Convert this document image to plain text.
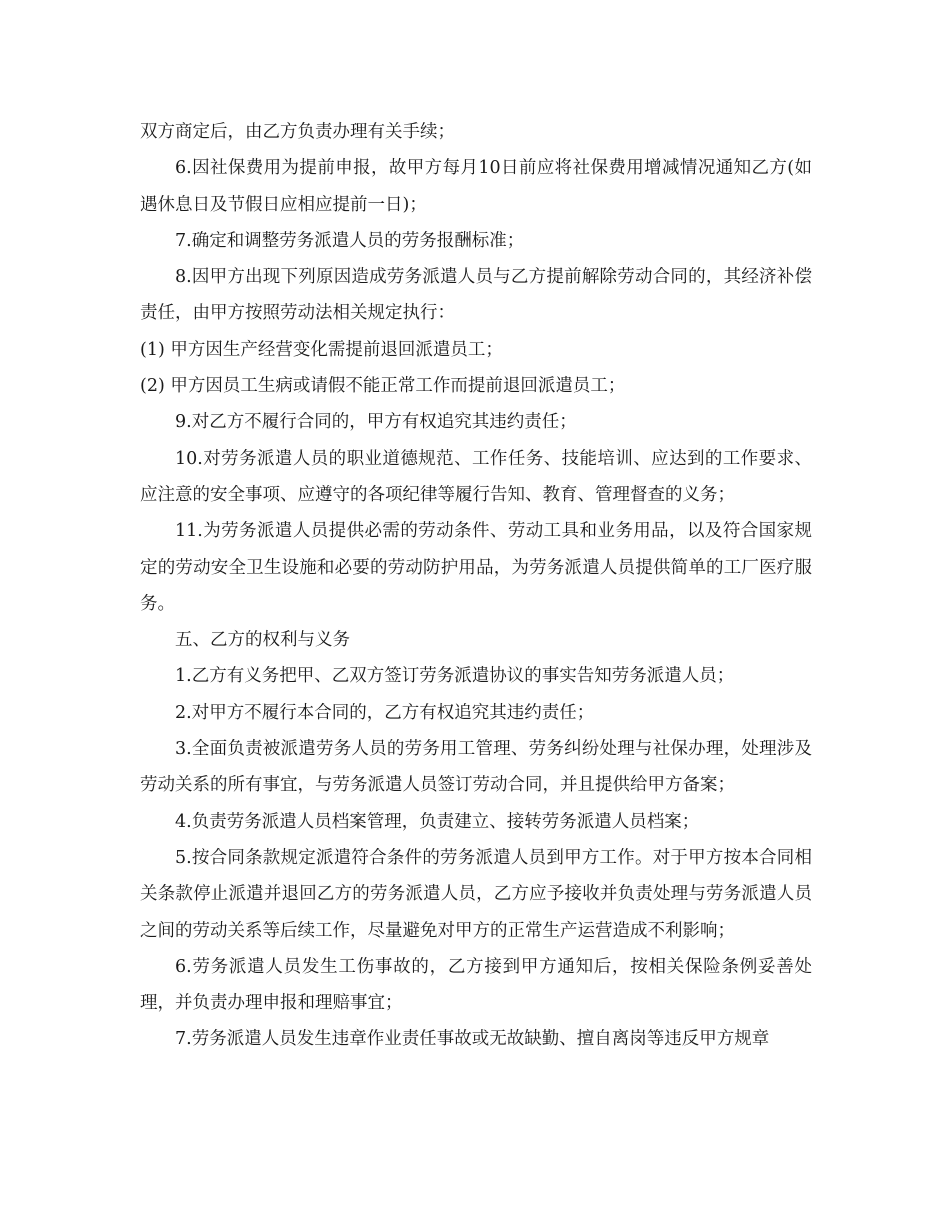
双方商定后，由乙方负责办理有关手续；

6.因社保费用为提前申报，故甲方每月10日前应将社保费用增减情况通知乙方(如遇休息日及节假日应相应提前一日)；

7.确定和调整劳务派遣人员的劳务报酬标准；

8.因甲方出现下列原因造成劳务派遣人员与乙方提前解除劳动合同的，其经济补偿责任，由甲方按照劳动法相关规定执行：

(1) 甲方因生产经营变化需提前退回派遣员工；

(2) 甲方因员工生病或请假不能正常工作而提前退回派遣员工；

9.对乙方不履行合同的，甲方有权追究其违约责任；

10.对劳务派遣人员的职业道德规范、工作任务、技能培训、应达到的工作要求、应注意的安全事项、应遵守的各项纪律等履行告知、教育、管理督查的义务；

11.为劳务派遣人员提供必需的劳动条件、劳动工具和业务用品，以及符合国家规定的劳动安全卫生设施和必要的劳动防护用品，为劳务派遣人员提供简单的工厂医疗服务。

五、乙方的权利与义务

1.乙方有义务把甲、乙双方签订劳务派遣协议的事实告知劳务派遣人员；

2.对甲方不履行本合同的，乙方有权追究其违约责任；

3.全面负责被派遣劳务人员的劳务用工管理、劳务纠纷处理与社保办理，处理涉及劳动关系的所有事宜，与劳务派遣人员签订劳动合同，并且提供给甲方备案；

4.负责劳务派遣人员档案管理，负责建立、接转劳务派遣人员档案；

5.按合同条款规定派遣符合条件的劳务派遣人员到甲方工作。对于甲方按本合同相关条款停止派遣并退回乙方的劳务派遣人员，乙方应予接收并负责处理与劳务派遣人员之间的劳动关系等后续工作，尽量避免对甲方的正常生产运营造成不利影响；

6.劳务派遣人员发生工伤事故的，乙方接到甲方通知后，按相关保险条例妥善处理，并负责办理申报和理赔事宜；

7.劳务派遣人员发生违章作业责任事故或无故缺勤、擅自离岗等违反甲方规章
